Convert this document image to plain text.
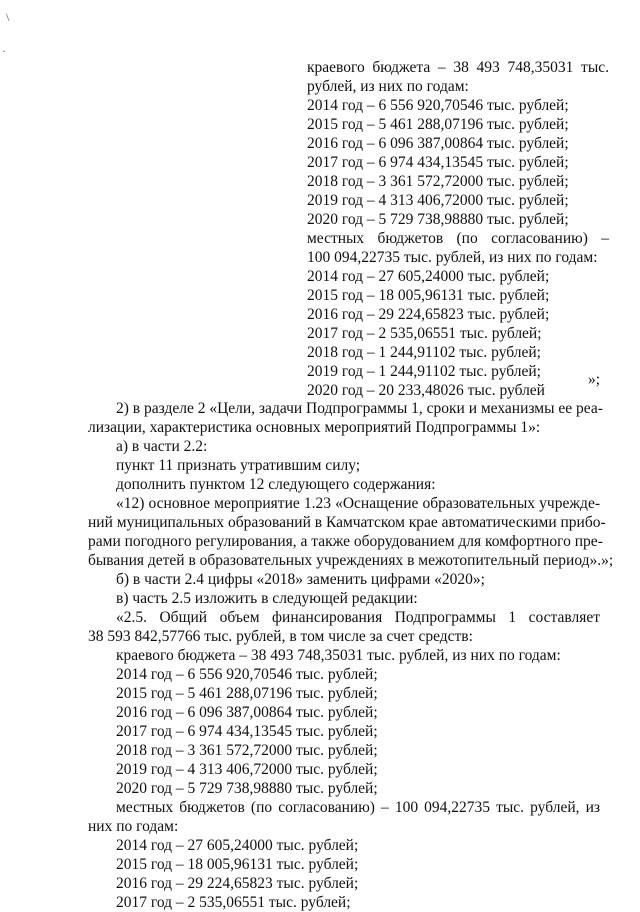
\
·
краевого бюджета – 38 493 748,35031 тыс.
рублей, из них по годам:
2014 год – 6 556 920,70546 тыс. рублей;
2015 год – 5 461 288,07196 тыс. рублей;
2016 год – 6 096 387,00864 тыс. рублей;
2017 год – 6 974 434,13545 тыс. рублей;
2018 год – 3 361 572,72000 тыс. рублей;
2019 год – 4 313 406,72000 тыс. рублей;
2020 год – 5 729 738,98880 тыс. рублей;
местных бюджетов (по согласованию) –
100 094,22735 тыс. рублей, из них по годам:
2014 год – 27 605,24000 тыс. рублей;
2015 год – 18 005,96131 тыс. рублей;
2016 год – 29 224,65823 тыс. рублей;
2017 год – 2 535,06551 тыс. рублей;
2018 год – 1 244,91102 тыс. рублей;
2019 год – 1 244,91102 тыс. рублей;
2020 год – 20 233,48026 тыс. рублей
»;
2) в разделе 2 «Цели, задачи Подпрограммы 1, сроки и механизмы ее реа-
лизации, характеристика основных мероприятий Подпрограммы 1»:
а) в части 2.2:
пункт 11 признать утратившим силу;
дополнить пунктом 12 следующего содержания:
«12) основное мероприятие 1.23 «Оснащение образовательных учрежде-
ний муниципальных образований в Камчатском крае автоматическими прибо-
рами погодного регулирования, а также оборудованием для комфортного пре-
бывания детей в образовательных учреждениях в межотопительный период».»;
б) в части 2.4 цифры «2018» заменить цифрами «2020»;
в) часть 2.5 изложить в следующей редакции:
«2.5. Общий объем финансирования Подпрограммы 1 составляет
38 593 842,57766 тыс. рублей, в том числе за счет средств:
краевого бюджета – 38 493 748,35031 тыс. рублей, из них по годам:
2014 год – 6 556 920,70546 тыс. рублей;
2015 год – 5 461 288,07196 тыс. рублей;
2016 год – 6 096 387,00864 тыс. рублей;
2017 год – 6 974 434,13545 тыс. рублей;
2018 год – 3 361 572,72000 тыс. рублей;
2019 год – 4 313 406,72000 тыс. рублей;
2020 год – 5 729 738,98880 тыс. рублей;
местных бюджетов (по согласованию) – 100 094,22735 тыс. рублей, из
них по годам:
2014 год – 27 605,24000 тыс. рублей;
2015 год – 18 005,96131 тыс. рублей;
2016 год – 29 224,65823 тыс. рублей;
2017 год – 2 535,06551 тыс. рублей;
